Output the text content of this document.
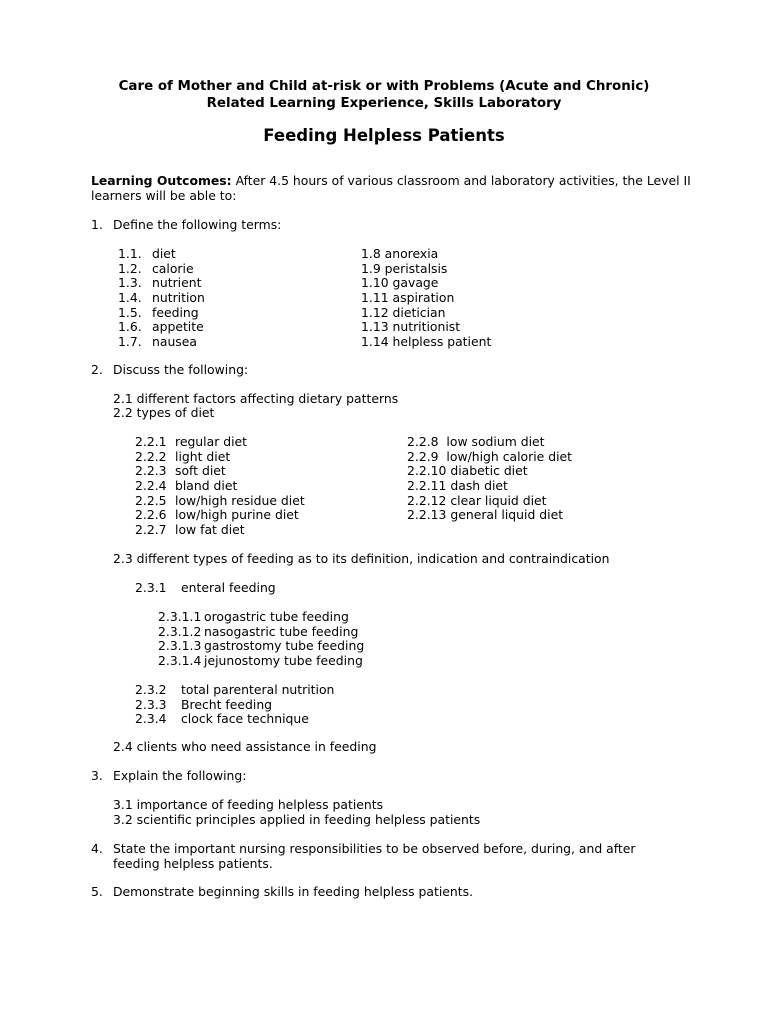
Care of Mother and Child at-risk or with Problems (Acute and Chronic)
Related Learning Experience, Skills Laboratory
Feeding Helpless Patients
Learning Outcomes: After 4.5 hours of various classroom and laboratory activities, the Level II learners will be able to:
1. Define the following terms:
1.1. diet
1.2. calorie
1.3. nutrient
1.4. nutrition
1.5. feeding
1.6. appetite
1.7. nausea
1.8 anorexia
1.9 peristalsis
1.10 gavage
1.11 aspiration
1.12 dietician
1.13 nutritionist
1.14 helpless patient
2. Discuss the following:
2.1 different factors affecting dietary patterns
2.2 types of diet
2.2.1 regular diet
2.2.2 light diet
2.2.3 soft diet
2.2.4 bland diet
2.2.5 low/high residue diet
2.2.6 low/high purine diet
2.2.7 low fat diet
2.2.8 low sodium diet
2.2.9 low/high calorie diet
2.2.10 diabetic diet
2.2.11 dash diet
2.2.12 clear liquid diet
2.2.13 general liquid diet
2.3 different types of feeding as to its definition, indication and contraindication
2.3.1 enteral feeding
2.3.1.1 orogastric tube feeding
2.3.1.2 nasogastric tube feeding
2.3.1.3 gastrostomy tube feeding
2.3.1.4 jejunostomy tube feeding
2.3.2 total parenteral nutrition
2.3.3 Brecht feeding
2.3.4 clock face technique
2.4 clients who need assistance in feeding
3. Explain the following:
3.1 importance of feeding helpless patients
3.2 scientific principles applied in feeding helpless patients
4. State the important nursing responsibilities to be observed before, during, and after feeding helpless patients.
5. Demonstrate beginning skills in feeding helpless patients.
